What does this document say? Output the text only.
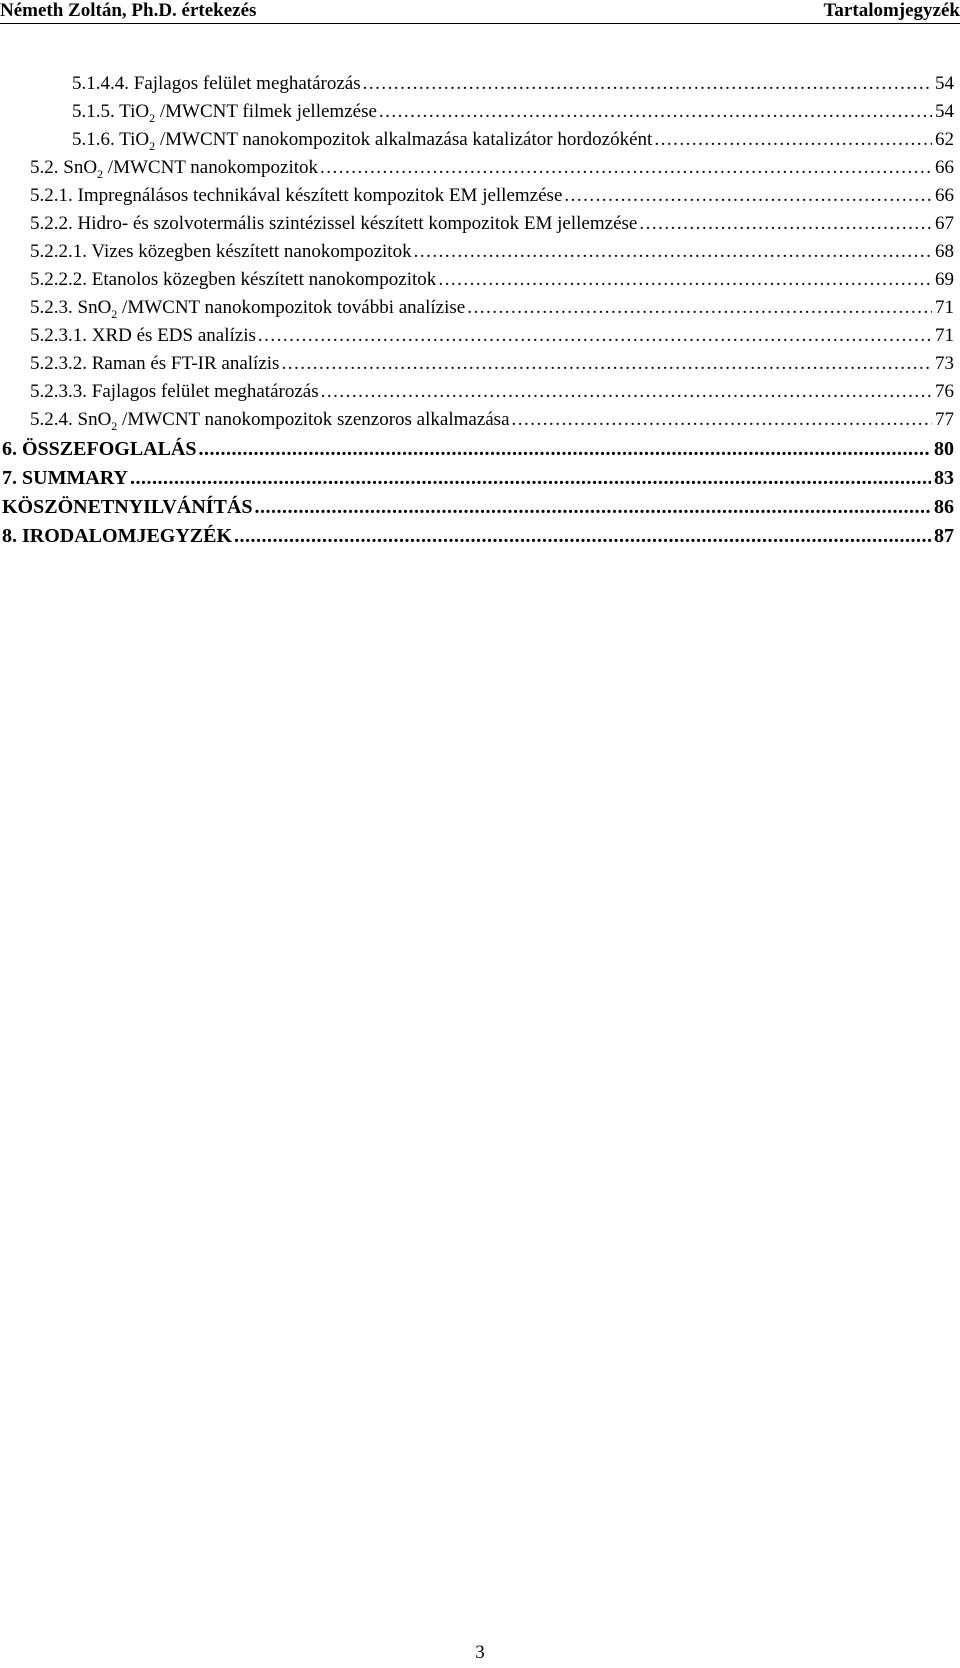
Németh Zoltán, Ph.D. értekezés	Tartalomjegyzék
5.1.4.4. Fajlagos felület meghatározás .....	54
5.1.5. TiO$_2$ /MWCNT filmek jellemzése .....	54
5.1.6. TiO$_2$ /MWCNT nanokompozitok alkalmazása katalizátor hordozóként .....	62
5.2. SnO$_2$ /MWCNT nanokompozitok .....	66
5.2.1. Impregnálásos technikával készített kompozitok EM jellemzése .....	66
5.2.2. Hidro- és szolvotermális szintézissel készített kompozitok EM jellemzése .....	67
5.2.2.1. Vizes közegben készített nanokompozitok .....	68
5.2.2.2. Etanolos közegben készített nanokompozitok .....	69
5.2.3. SnO$_2$ /MWCNT nanokompozitok további analízise .....	71
5.2.3.1. XRD és EDS analízis .....	71
5.2.3.2. Raman és FT-IR analízis .....	73
5.2.3.3. Fajlagos felület meghatározás .....	76
5.2.4. SnO$_2$ /MWCNT nanokompozitok szenzoros alkalmazása .....	77
6. ÖSSZEFOGLALÁS .....	80
7. SUMMARY .....	83
KÖSZÖNETNYILVÁNÍTÁS .....	86
8. IRODALOMJEGYZÉK .....	87
3
